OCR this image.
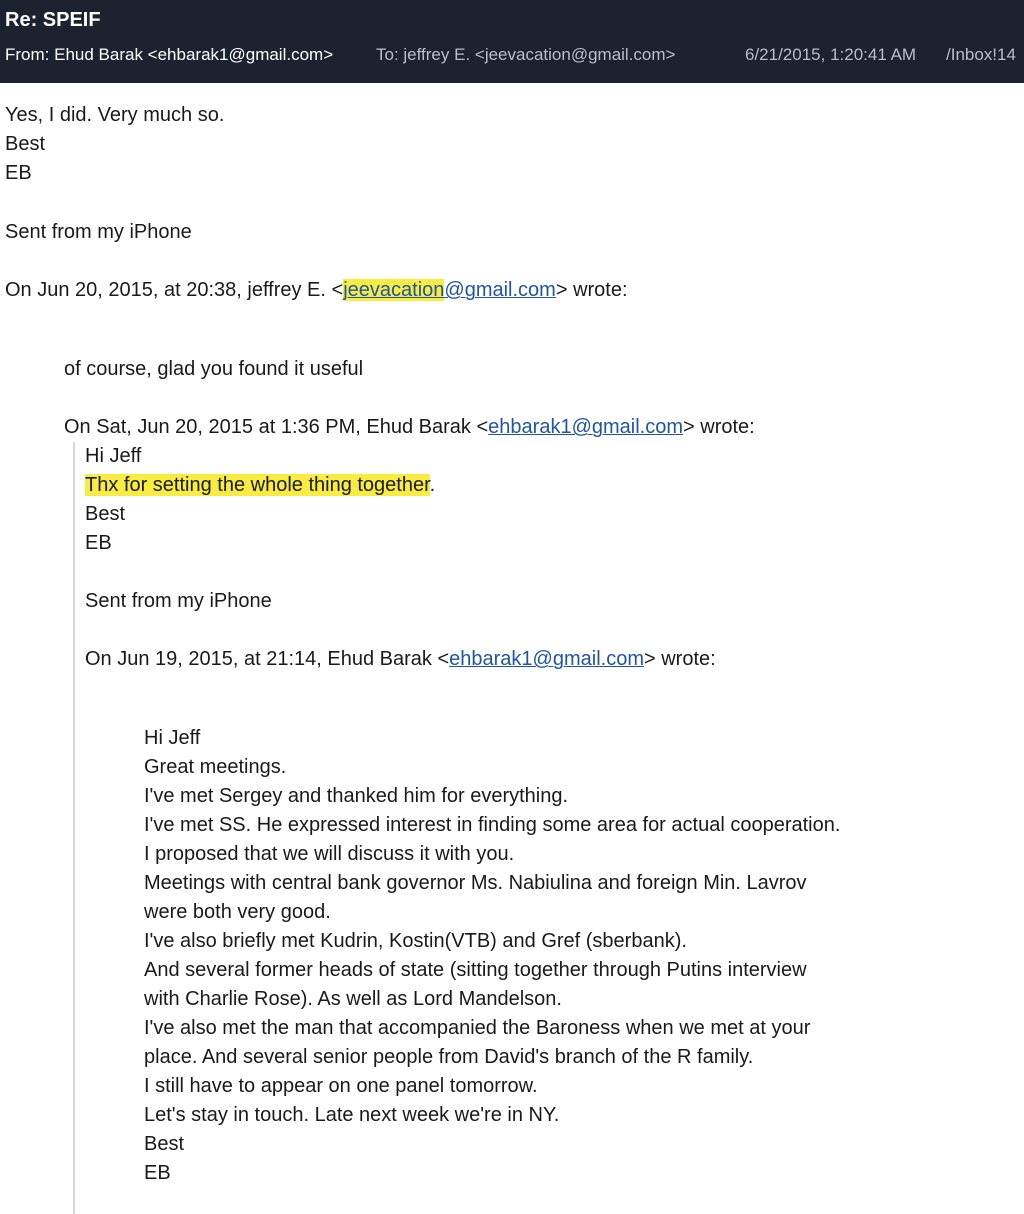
Re: SPEIF
From: Ehud Barak <ehbarak1@gmail.com>	To: jeffrey E. <jeevacation@gmail.com>	6/21/2015, 1:20:41 AM /Inbox!14
Yes, I did. Very much so.
Best
EB
Sent from my iPhone
On Jun 20, 2015, at 20:38, jeffrey E. <jeevacation@gmail.com> wrote:
of course, glad you found it useful
On Sat, Jun 20, 2015 at 1:36 PM, Ehud Barak <ehbarak1@gmail.com> wrote:
Hi Jeff
Thx for setting the whole thing together.
Best
EB
Sent from my iPhone
On Jun 19, 2015, at 21:14, Ehud Barak <ehbarak1@gmail.com> wrote:
Hi Jeff
Great meetings.
I've met Sergey and thanked him for everything.
I've met SS. He expressed interest in finding some area for actual cooperation.
I proposed that we will discuss it with you.
Meetings with central bank governor Ms. Nabiulina and foreign Min. Lavrov
were both very good.
I've also briefly met Kudrin, Kostin(VTB) and Gref (sberbank).
And several former heads of state (sitting together through Putins interview
with Charlie Rose). As well as Lord Mandelson.
I've also met the man that accompanied the Baroness when we met at your
place. And several senior people from David's branch of the R family.
I still have to appear on one panel tomorrow.
Let's stay in touch. Late next week we're in NY.
Best
EB
